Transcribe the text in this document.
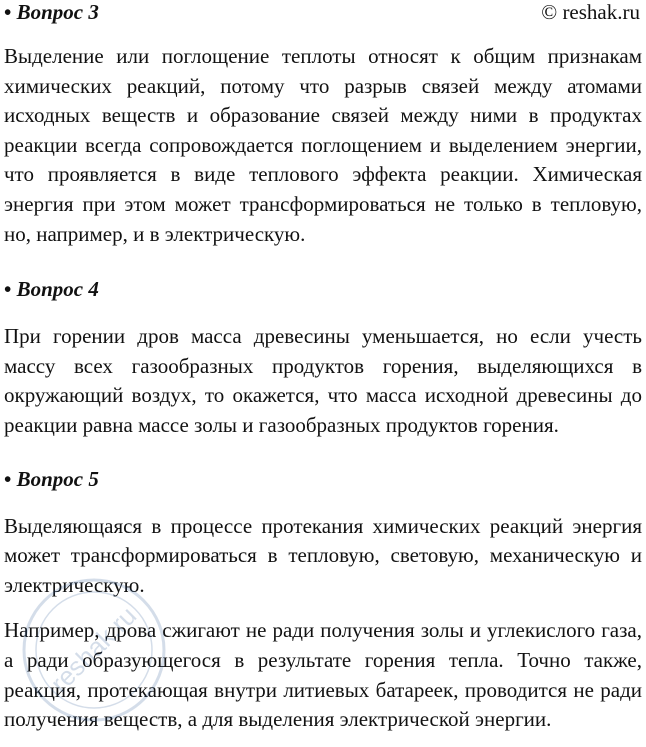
• Вопрос 3	© reshak.ru

Выделение или поглощение теплоты относят к общим признакам химических реакций, потому что разрыв связей между атомами исходных веществ и образование связей между ними в продуктах реакции всегда сопровождается поглощением и выделением энергии, что проявляется в виде теплового эффекта реакции. Химическая энергия при этом может трансформироваться не только в тепловую, но, например, и в электрическую.

• Вопрос 4

При горении дров масса древесины уменьшается, но если учесть массу всех газообразных продуктов горения, выделяющихся в окружающий воздух, то окажется, что масса исходной древесины до реакции равна массе золы и газообразных продуктов горения.

• Вопрос 5

Выделяющаяся в процессе протекания химических реакций энергия может трансформироваться в тепловую, световую, механическую и электрическую.

Например, дрова сжигают не ради получения золы и углекислого газа, а ради образующегося в результате горения тепла. Точно также, реакция, протекающая внутри литиевых батареек, проводится не ради получения веществ, а для выделения электрической энергии.

reshak.ru
